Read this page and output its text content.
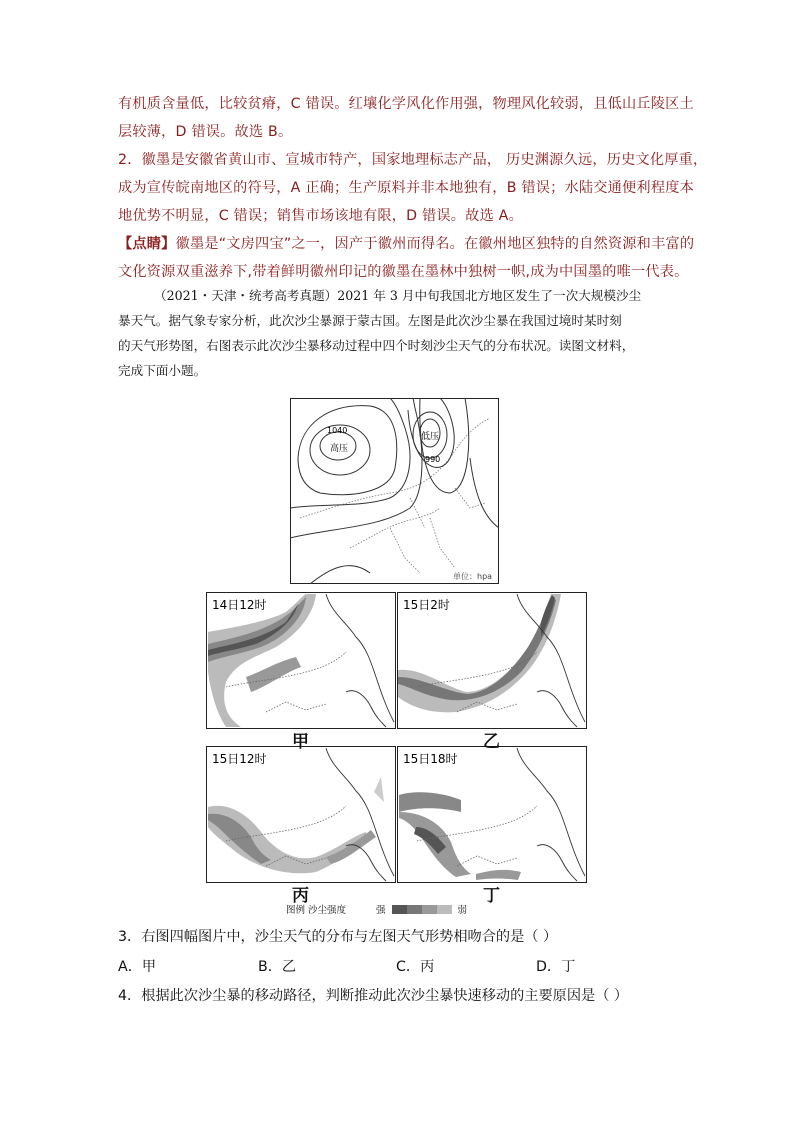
有机质含量低，比较贫瘠，C 错误。红壤化学风化作用强，物理风化较弱，且低山丘陵区土
层较薄，D 错误。故选 B。
2．徽墨是安徽省黄山市、宣城市特产，国家地理标志产品， 历史渊源久远，历史文化厚重，
成为宣传皖南地区的符号，A 正确；生产原料并非本地独有，B 错误；水陆交通便利程度本
地优势不明显，C 错误；销售市场该地有限，D 错误。故选 A。
【点睛】徽墨是“文房四宝”之一，因产于徽州而得名。在徽州地区独特的自然资源和丰富的
文化资源双重滋养下,带着鲜明徽州印记的徽墨在墨林中独树一帜,成为中国墨的唯一代表。
（2021・天津・统考高考真题）2021 年 3 月中旬我国北方地区发生了一次大规模沙尘
暴天气。据气象专家分析，此次沙尘暴源于蒙古国。左图是此次沙尘暴在我国过境时某时刻
的天气形势图，右图表示此次沙尘暴移动过程中四个时刻沙尘天气的分布状况。读图文材料，
完成下面小题。
1040
高压
低压
990
单位：hpa
14日12时	15日2时
15日12时	15日18时
甲	乙
丙	丁
图例 沙尘强度	强	弱
3．右图四幅图片中，沙尘天气的分布与左图天气形势相吻合的是（ ）
A．甲	B．乙	C．丙	D．丁
4．根据此次沙尘暴的移动路径，判断推动此次沙尘暴快速移动的主要原因是（ ）
